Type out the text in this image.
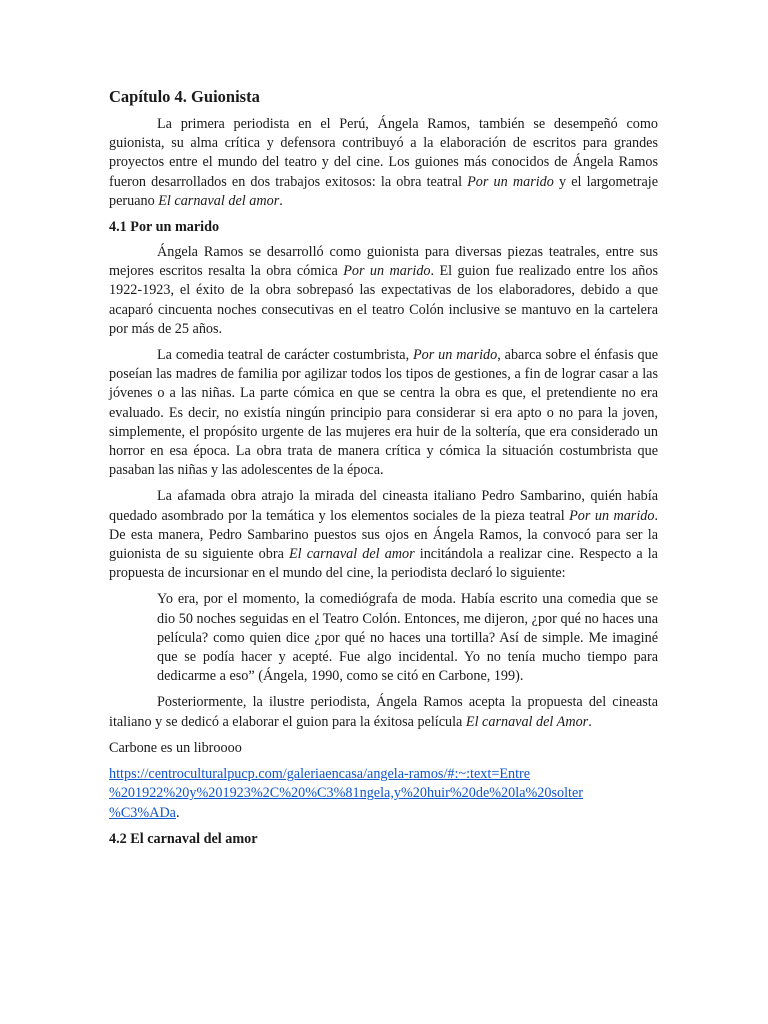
Capítulo 4. Guionista

La primera periodista en el Perú, Ángela Ramos, también se desempeñó como guionista, su alma crítica y defensora contribuyó a la elaboración de escritos para grandes proyectos entre el mundo del teatro y del cine. Los guiones más conocidos de Ángela Ramos fueron desarrollados en dos trabajos exitosos: la obra teatral Por un marido y el largometraje peruano El carnaval del amor.

4.1 Por un marido

Ángela Ramos se desarrolló como guionista para diversas piezas teatrales, entre sus mejores escritos resalta la obra cómica Por un marido. El guion fue realizado entre los años 1922-1923, el éxito de la obra sobrepasó las expectativas de los elaboradores, debido a que acaparó cincuenta noches consecutivas en el teatro Colón inclusive se mantuvo en la cartelera por más de 25 años.

La comedia teatral de carácter costumbrista, Por un marido, abarca sobre el énfasis que poseían las madres de familia por agilizar todos los tipos de gestiones, a fin de lograr casar a las jóvenes o a las niñas. La parte cómica en que se centra la obra es que, el pretendiente no era evaluado. Es decir, no existía ningún principio para considerar si era apto o no para la joven, simplemente, el propósito urgente de las mujeres era huir de la soltería, que era considerado un horror en esa época. La obra trata de manera crítica y cómica la situación costumbrista que pasaban las niñas y las adolescentes de la época.

La afamada obra atrajo la mirada del cineasta italiano Pedro Sambarino, quién había quedado asombrado por la temática y los elementos sociales de la pieza teatral Por un marido. De esta manera, Pedro Sambarino puestos sus ojos en Ángela Ramos, la convocó para ser la guionista de su siguiente obra El carnaval del amor incitándola a realizar cine. Respecto a la propuesta de incursionar en el mundo del cine, la periodista declaró lo siguiente:

Yo era, por el momento, la comediógrafa de moda. Había escrito una comedia que se dio 50 noches seguidas en el Teatro Colón. Entonces, me dijeron, ¿por qué no haces una película? como quien dice ¿por qué no haces una tortilla? Así de simple. Me imaginé que se podía hacer y acepté. Fue algo incidental. Yo no tenía mucho tiempo para dedicarme a eso” (Ángela, 1990, como se citó en Carbone, 199).

Posteriormente, la ilustre periodista, Ángela Ramos acepta la propuesta del cineasta italiano y se dedicó a elaborar el guion para la éxitosa película El carnaval del Amor.

Carbone es un libroooo

https://centroculturalpucp.com/galeriaencasa/angela-ramos/#:~:text=Entre
%201922%20y%201923%2C%20%C3%81ngela,y%20huir%20de%20la%20solter
%C3%ADa.

4.2 El carnaval del amor
